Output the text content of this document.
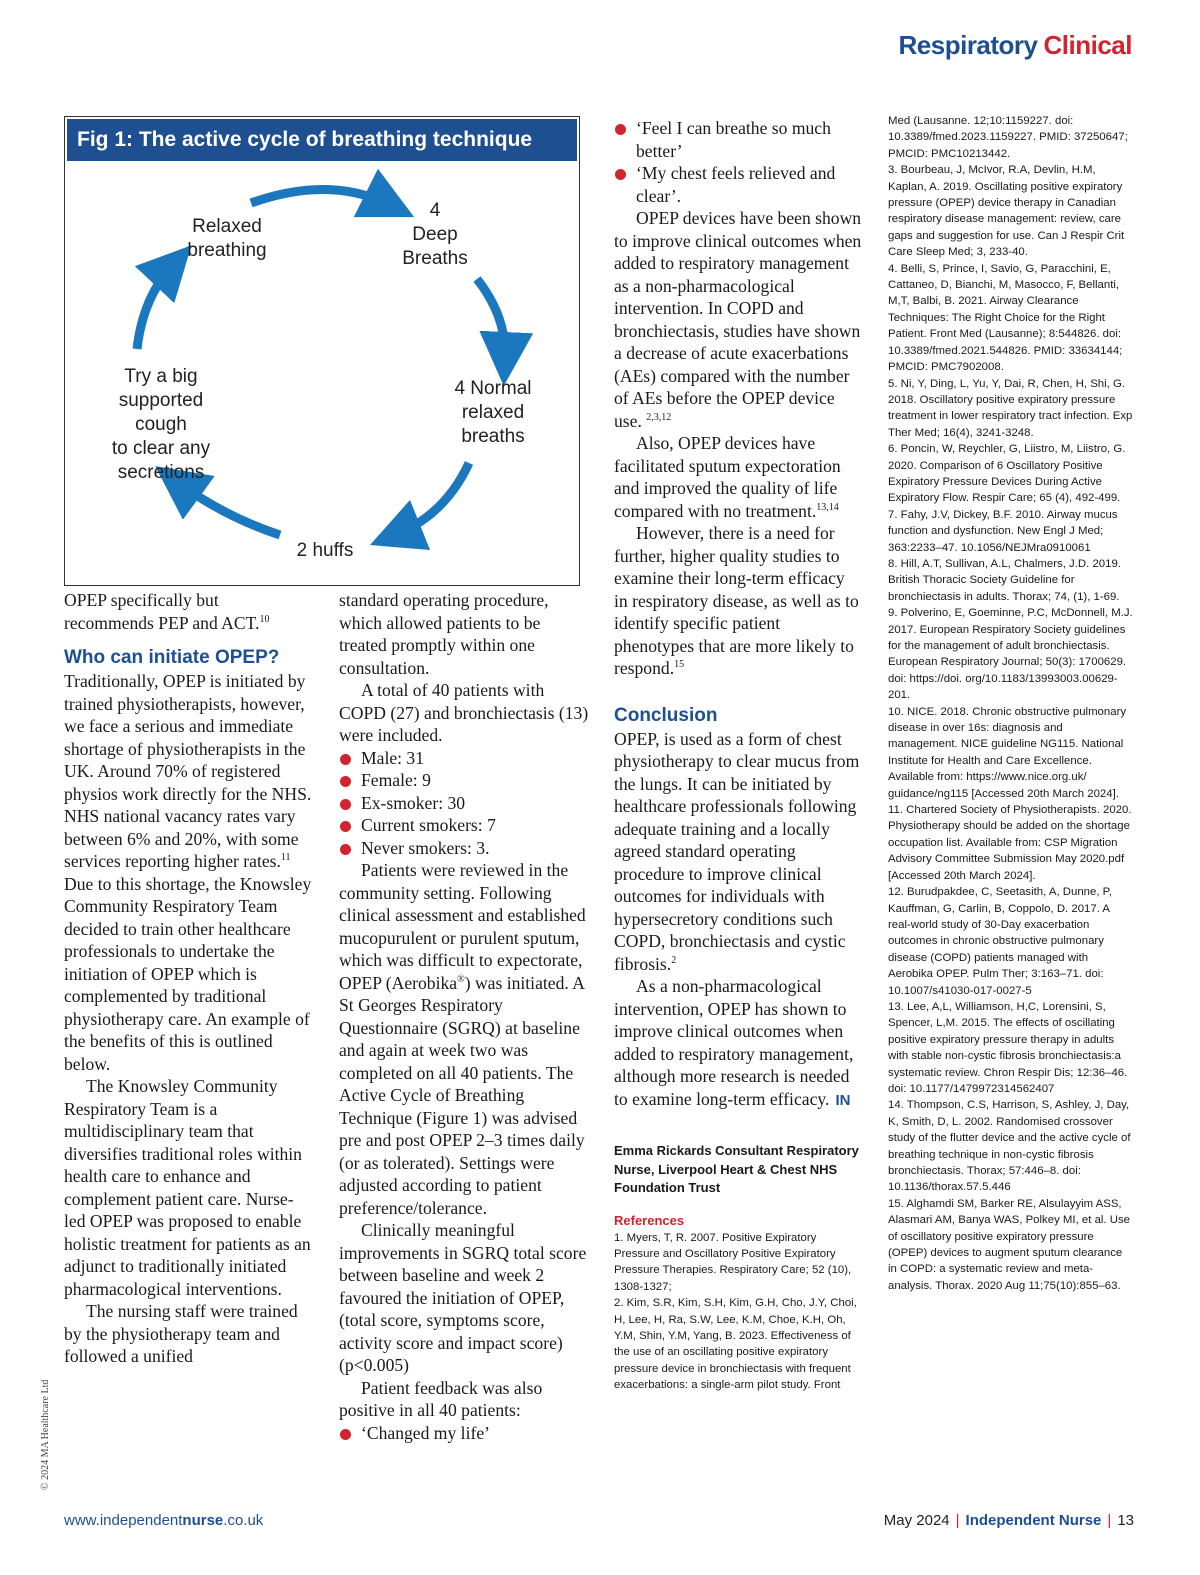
Respiratory Clinical
Fig 1: The active cycle of breathing technique
Relaxed
breathing
4
Deep
Breaths
4 Normal
relaxed
breaths
2 huffs
Try a big
supported cough
to clear any
secretions

OPEP specifically but recommends PEP and ACT.$^{10}$

Who can initiate OPEP?

Traditionally, OPEP is initiated by trained physiotherapists, however, we face a serious and immediate shortage of physiotherapists in the UK. Around 70% of registered physios work directly for the NHS. NHS national vacancy rates vary between 6% and 20%, with some services reporting higher rates.$^{11}$

Due to this shortage, the Knowsley Community Respiratory Team decided to train other healthcare professionals to undertake the initiation of OPEP which is complemented by traditional physiotherapy care. An example of the benefits of this is outlined below.

The Knowsley Community Respiratory Team is a multidisciplinary team that diversifies traditional roles within health care to enhance and complement patient care. Nurse-led OPEP was proposed to enable holistic treatment for patients as an adjunct to traditionally initiated pharmacological interventions.

The nursing staff were trained by the physiotherapy team and followed a unified

standard operating procedure, which allowed patients to be treated promptly within one consultation.

A total of 40 patients with COPD (27) and bronchiectasis (13) were included.

Male: 31
Female: 9
Ex-smoker: 30
Current smokers: 7
Never smokers: 3.

Patients were reviewed in the community setting. Following clinical assessment and established mucopurulent or purulent sputum, which was difficult to expectorate, OPEP (Aerobika®) was initiated. A St Georges Respiratory Questionnaire (SGRQ) at baseline and again at week two was completed on all 40 patients. The Active Cycle of Breathing Technique (Figure 1) was advised pre and post OPEP 2–3 times daily (or as tolerated). Settings were adjusted according to patient preference/tolerance.

Clinically meaningful improvements in SGRQ total score between baseline and week 2 favoured the initiation of OPEP, (total score, symptoms score, activity score and impact score) (p<0.005)

Patient feedback was also positive in all 40 patients:

‘Changed my life’
‘Feel I can breathe so much better’
‘My chest feels relieved and clear’.

OPEP devices have been shown to improve clinical outcomes when added to respiratory management as a non-pharmacological intervention. In COPD and bronchiectasis, studies have shown a decrease of acute exacerbations (AEs) compared with the number of AEs before the OPEP device use. $^{2,3,12}$

Also, OPEP devices have facilitated sputum expectoration and improved the quality of life compared with no treatment.$^{13,14}$

However, there is a need for further, higher quality studies to examine their long-term efficacy in respiratory disease, as well as to identify specific patient phenotypes that are more likely to respond.$^{15}$

Conclusion

OPEP, is used as a form of chest physiotherapy to clear mucus from the lungs. It can be initiated by healthcare professionals following adequate training and a locally agreed standard operating procedure to improve clinical outcomes for individuals with hypersecretory conditions such COPD, bronchiectasis and cystic fibrosis.$^2$

As a non-pharmacological intervention, OPEP has shown to improve clinical outcomes when added to respiratory management, although more research is needed to examine long-term efficacy. IN

Emma Rickards Consultant Respiratory Nurse, Liverpool Heart & Chest NHS Foundation Trust
References
1. Myers, T, R. 2007. Positive Expiratory Pressure and Oscillatory Positive Expiratory Pressure Therapies. Respiratory Care; 52 (10), 1308-1327;
2. Kim, S.R, Kim, S.H, Kim, G.H, Cho, J.Y, Choi, H, Lee, H, Ra, S.W, Lee, K.M, Choe, K.H, Oh, Y.M, Shin, Y.M, Yang, B. 2023. Effectiveness of the use of an oscillating positive expiratory pressure device in bronchiectasis with frequent exacerbations: a single-arm pilot study. Front
Med (Lausanne. 12;10:1159227. doi: 10.3389/fmed.2023.1159227. PMID: 37250647; PMCID: PMC10213442.
3. Bourbeau, J, McIvor, R.A, Devlin, H.M, Kaplan, A. 2019. Oscillating positive expiratory pressure (OPEP) device therapy in Canadian respiratory disease management: review, care gaps and suggestion for use. Can J Respir Crit Care Sleep Med; 3, 233-40.
4. Belli, S, Prince, I, Savio, G, Paracchini, E, Cattaneo, D, Bianchi, M, Masocco, F, Bellanti, M,T, Balbi, B. 2021. Airway Clearance Techniques: The Right Choice for the Right Patient. Front Med (Lausanne); 8:544826. doi: 10.3389/fmed.2021.544826. PMID: 33634144; PMCID: PMC7902008.
5. Ni, Y, Ding, L, Yu, Y, Dai, R, Chen, H, Shi, G. 2018. Oscillatory positive expiratory pressure treatment in lower respiratory tract infection. Exp Ther Med; 16(4), 3241-3248.
6. Poncin, W, Reychler, G, Liistro, M, Liistro, G. 2020. Comparison of 6 Oscillatory Positive Expiratory Pressure Devices During Active Expiratory Flow. Respir Care; 65 (4), 492-499.
7. Fahy, J.V, Dickey, B.F. 2010. Airway mucus function and dysfunction. New Engl J Med; 363:2233–47. 10.1056/NEJMra0910061
8. Hill, A.T, Sullivan, A.L, Chalmers, J.D. 2019. British Thoracic Society Guideline for bronchiectasis in adults. Thorax; 74, (1), 1-69.
9. Polverino, E, Goeminne, P.C, McDonnell, M.J. 2017. European Respiratory Society guidelines for the management of adult bronchiectasis. European Respiratory Journal; 50(3): 1700629. doi: https://doi. org/10.1183/13993003.00629-201.
10. NICE. 2018. Chronic obstructive pulmonary disease in over 16s: diagnosis and management. NICE guideline NG115. National Institute for Health and Care Excellence. Available from: https://www.nice.org.uk/ guidance/ng115 [Accessed 20th March 2024].
11. Chartered Society of Physiotherapists. 2020. Physiotherapy should be added on the shortage occupation list. Available from: CSP Migration Advisory Committee Submission May 2020.pdf [Accessed 20th March 2024].
12. Burudpakdee, C, Seetasith, A, Dunne, P, Kauffman, G, Carlin, B, Coppolo, D. 2017. A real-world study of 30-Day exacerbation outcomes in chronic obstructive pulmonary disease (COPD) patients managed with Aerobika OPEP. Pulm Ther; 3:163–71. doi: 10.1007/s41030-017-0027-5
13. Lee, A,L, Williamson, H,C, Lorensini, S, Spencer, L,M. 2015. The effects of oscillating positive expiratory pressure therapy in adults with stable non-cystic fibrosis bronchiectasis:a systematic review. Chron Respir Dis; 12:36–46. doi: 10.1177/1479972314562407
14. Thompson, C.S, Harrison, S, Ashley, J, Day, K, Smith, D, L. 2002. Randomised crossover study of the flutter device and the active cycle of breathing technique in non-cystic fibrosis bronchiectasis. Thorax; 57:446–8. doi: 10.1136/thorax.57.5.446
15. Alghamdi SM, Barker RE, Alsulayyim ASS, Alasmari AM, Banya WAS, Polkey MI, et al. Use of oscillatory positive expiratory pressure (OPEP) devices to augment sputum clearance in COPD: a systematic review and meta-analysis. Thorax. 2020 Aug 11;75(10):855–63.
© 2024 MA Healthcare Ltd
www.independentnurse.co.uk	May 2024 | Independent Nurse | 13
